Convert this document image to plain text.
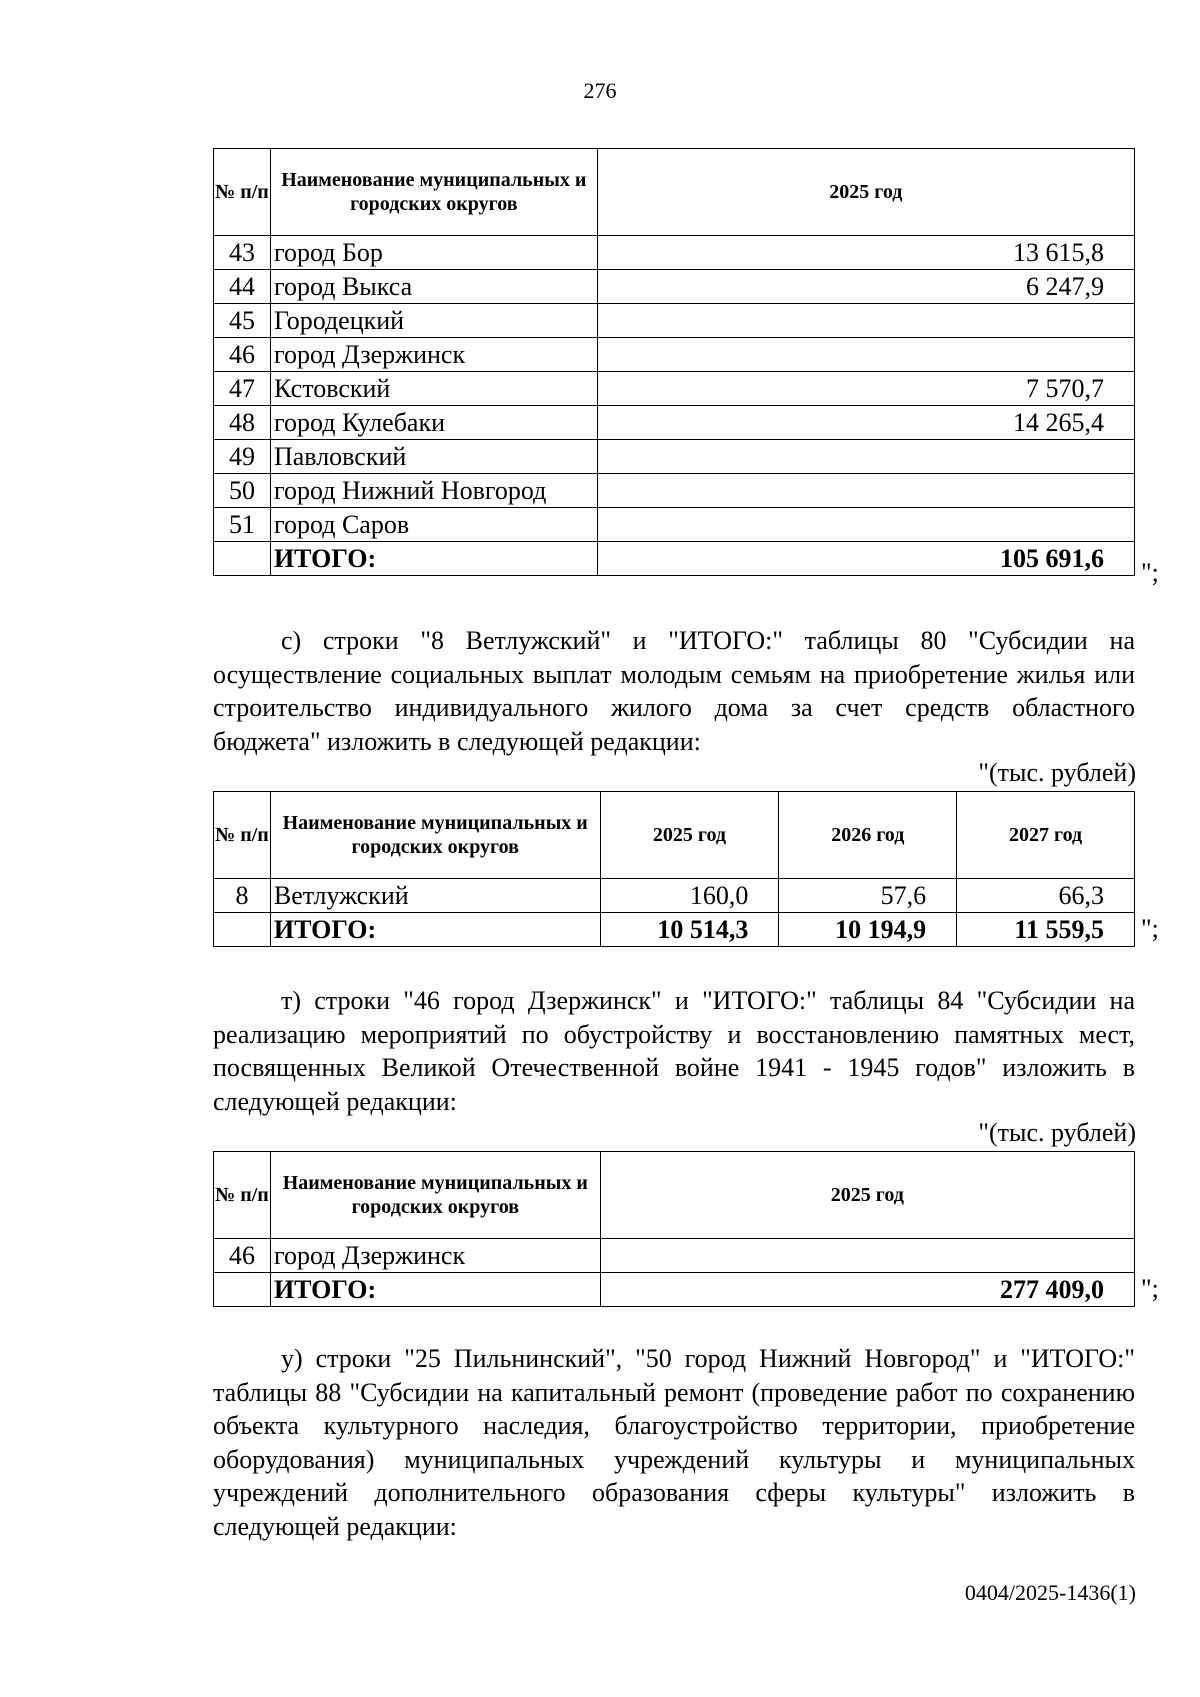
276
№ п/п	Наименование муниципальных и городских округов	2025 год
43	город Бор	13 615,8
44	город Выкса	6 247,9
45	Городецкий	
46	город Дзержинск	
47	Кстовский	7 570,7
48	город Кулебаки	14 265,4
49	Павловский	
50	город Нижний Новгород	
51	город Саров	
	ИТОГО:	105 691,6 ";
с) строки "8 Ветлужский" и "ИТОГО:" таблицы 80 "Субсидии на осуществление социальных выплат молодым семьям на приобретение жилья или строительство индивидуального жилого дома за счет средств областного бюджета" изложить в следующей редакции:
"(тыс. рублей)
№ п/п	Наименование муниципальных и городских округов	2025 год	2026 год	2027 год
8	Ветлужский	160,0	57,6	66,3
	ИТОГО:	10 514,3	10 194,9	11 559,5 ";
т) строки "46 город Дзержинск" и "ИТОГО:" таблицы 84 "Субсидии на реализацию мероприятий по обустройству и восстановлению памятных мест, посвященных Великой Отечественной войне 1941 - 1945 годов" изложить в следующей редакции:
"(тыс. рублей)
№ п/п	Наименование муниципальных и городских округов	2025 год
46	город Дзержинск	
	ИТОГО:	277 409,0 ";
у) строки "25 Пильнинский", "50 город Нижний Новгород" и "ИТОГО:" таблицы 88 "Субсидии на капитальный ремонт (проведение работ по сохранению объекта культурного наследия, благоустройство территории, приобретение оборудования) муниципальных учреждений культуры и муниципальных учреждений дополнительного образования сферы культуры" изложить в следующей редакции:
0404/2025-1436(1)
